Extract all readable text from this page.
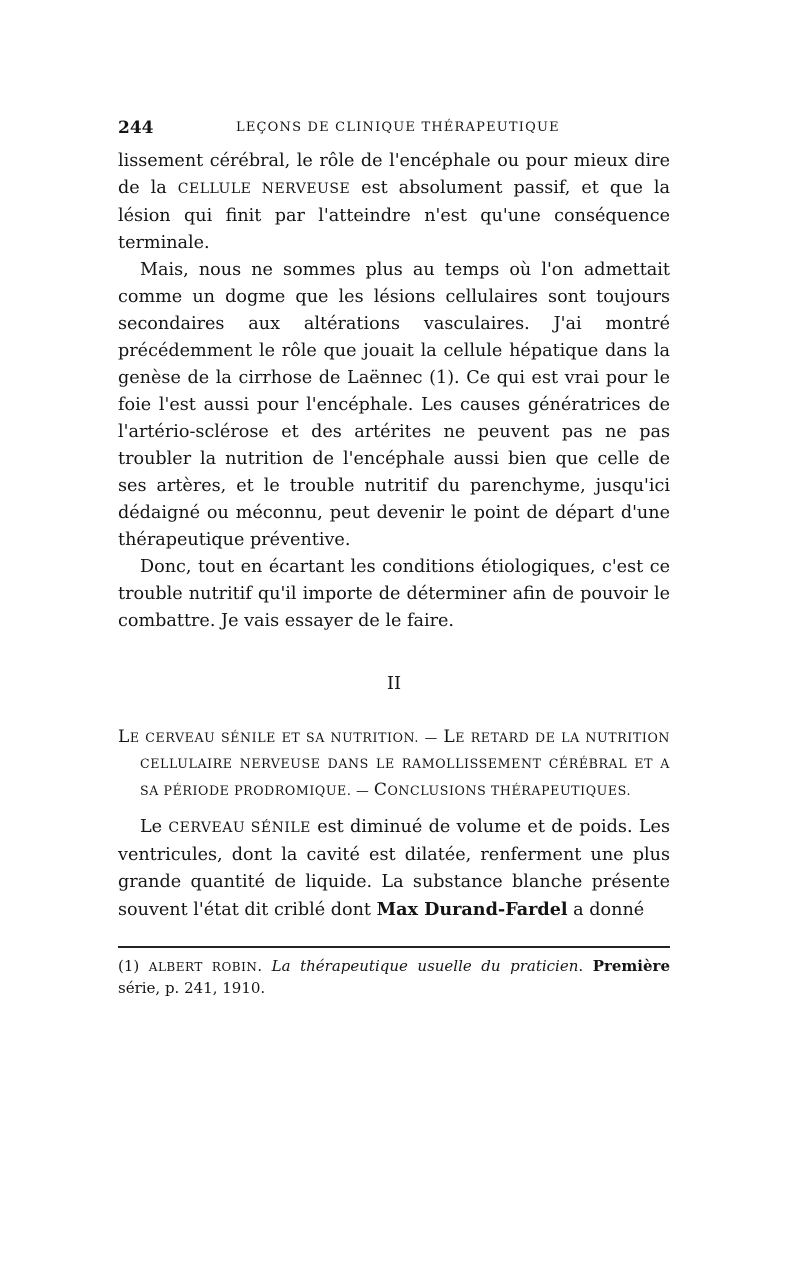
244	LEÇONS DE CLINIQUE THÉRAPEUTIQUE

lissement cérébral, le rôle de l'encéphale ou pour mieux dire de la CELLULE NERVEUSE est absolument passif, et que la lésion qui finit par l'atteindre n'est qu'une conséquence terminale.

Mais, nous ne sommes plus au temps où l'on admettait comme un dogme que les lésions cellulaires sont toujours secondaires aux altérations vasculaires. J'ai montré précédemment le rôle que jouait la cellule hépatique dans la genèse de la cirrhose de Laënnec (1). Ce qui est vrai pour le foie l'est aussi pour l'encéphale. Les causes génératrices de l'artério-sclérose et des artérites ne peuvent pas ne pas troubler la nutrition de l'encéphale aussi bien que celle de ses artères, et le trouble nutritif du parenchyme, jusqu'ici dédaigné ou méconnu, peut devenir le point de départ d'une thérapeutique préventive.

Donc, tout en écartant les conditions étiologiques, c'est ce trouble nutritif qu'il importe de déterminer afin de pouvoir le combattre. Je vais essayer de le faire.

II

LE CERVEAU SÉNILE ET SA NUTRITION. — LE RETARD DE LA NUTRITION CELLULAIRE NERVEUSE DANS LE RAMOLLISSEMENT CÉRÉBRAL ET A SA PÉRIODE PRODROMIQUE. — CONCLUSIONS THÉRAPEUTIQUES.

Le CERVEAU SÉNILE est diminué de volume et de poids. Les ventricules, dont la cavité est dilatée, renferment une plus grande quantité de liquide. La substance blanche présente souvent l'état dit criblé dont Max Durand-Fardel a donné

(1) ALBERT ROBIN. La thérapeutique usuelle du praticien. Première série, p. 241, 1910.
